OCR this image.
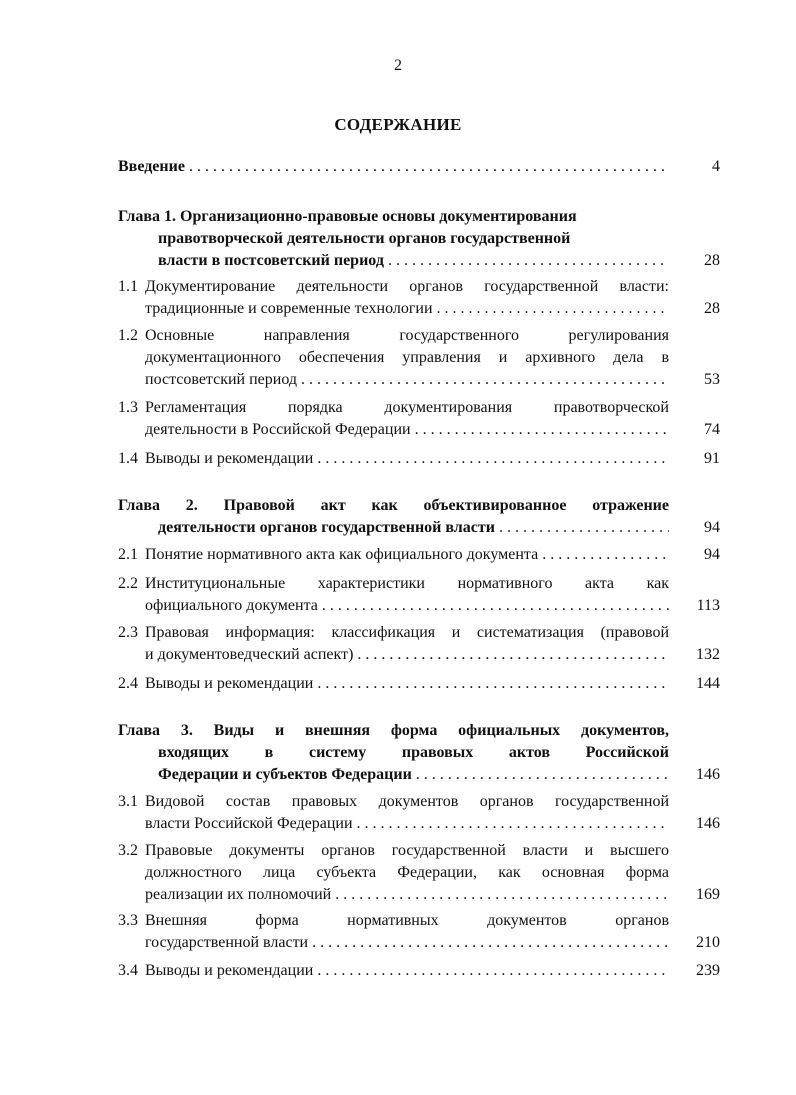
2
СОДЕРЖАНИЕ
Введение . . .	4
Глава 1. Организационно-правовые основы документирования
правотворческой деятельности органов государственной
власти в постсоветский период . . .	28
1.1 Документирование деятельности органов государственной власти:
традиционные и современные технологии . . .	28
1.2 Основные направления государственного регулирования
документационного обеспечения управления и архивного дела в
постсоветский период . . .	53
1.3 Регламентация порядка документирования правотворческой
деятельности в Российской Федерации . . .	74
1.4 Выводы и рекомендации . . .	91
Глава 2. Правовой акт как объективированное отражение
деятельности органов государственной власти . . .	94
2.1 Понятие нормативного акта как официального документа . . .	94
2.2 Институциональные характеристики нормативного акта как
официального документа . . .	113
2.3 Правовая информация: классификация и систематизация (правовой
и документоведческий аспект) . . .	132
2.4 Выводы и рекомендации . . .	144
Глава 3. Виды и внешняя форма официальных документов,
входящих в систему правовых актов Российской
Федерации и субъектов Федерации . . .	146
3.1 Видовой состав правовых документов органов государственной
власти Российской Федерации . . .	146
3.2 Правовые документы органов государственной власти и высшего
должностного лица субъекта Федерации, как основная форма
реализации их полномочий . . .	169
3.3 Внешняя форма нормативных документов органов
государственной власти . . .	210
3.4 Выводы и рекомендации . . .	239
